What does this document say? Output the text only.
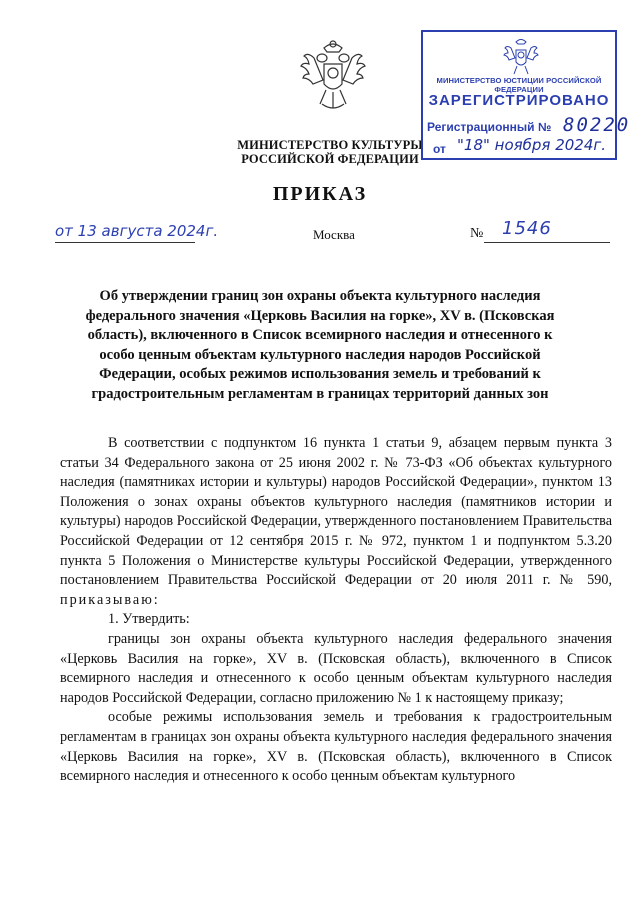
МИНИСТЕРСТВО КУЛЬТУРЫ
РОССИЙСКОЙ ФЕДЕРАЦИИ
МИНИСТЕРСТВО ЮСТИЦИИ РОССИЙСКОЙ ФЕДЕРАЦИИ
ЗАРЕГИСТРИРОВАНО
Регистрационный № 80220
от "18" ноября 2024г.
ПРИКАЗ
от 13 августа 2024г.	Москва	№ 1546
Об утверждении границ зон охраны объекта культурного наследия федерального значения «Церковь Василия на горке», XV в. (Псковская область), включенного в Список всемирного наследия и отнесенного к особо ценным объектам культурного наследия народов Российской Федерации, особых режимов использования земель и требований к градостроительным регламентам в границах территорий данных зон

В соответствии с подпунктом 16 пункта 1 статьи 9, абзацем первым пункта 3 статьи 34 Федерального закона от 25 июня 2002 г. № 73-ФЗ «Об объектах культурного наследия (памятниках истории и культуры) народов Российской Федерации», пунктом 13 Положения о зонах охраны объектов культурного наследия (памятников истории и культуры) народов Российской Федерации, утвержденного постановлением Правительства Российской Федерации от 12 сентября 2015 г. № 972, пунктом 1 и подпунктом 5.3.20 пункта 5 Положения о Министерстве культуры Российской Федерации, утвержденного постановлением Правительства Российской Федерации от 20 июля 2011 г. № 590, приказываю:

1. Утвердить:

границы зон охраны объекта культурного наследия федерального значения «Церковь Василия на горке», XV в. (Псковская область), включенного в Список всемирного наследия и отнесенного к особо ценным объектам культурного наследия народов Российской Федерации, согласно приложению № 1 к настоящему приказу;

особые режимы использования земель и требования к градостроительным регламентам в границах зон охраны объекта культурного наследия федерального значения «Церковь Василия на горке», XV в. (Псковская область), включенного в Список всемирного наследия и отнесенного к особо ценным объектам культурного
